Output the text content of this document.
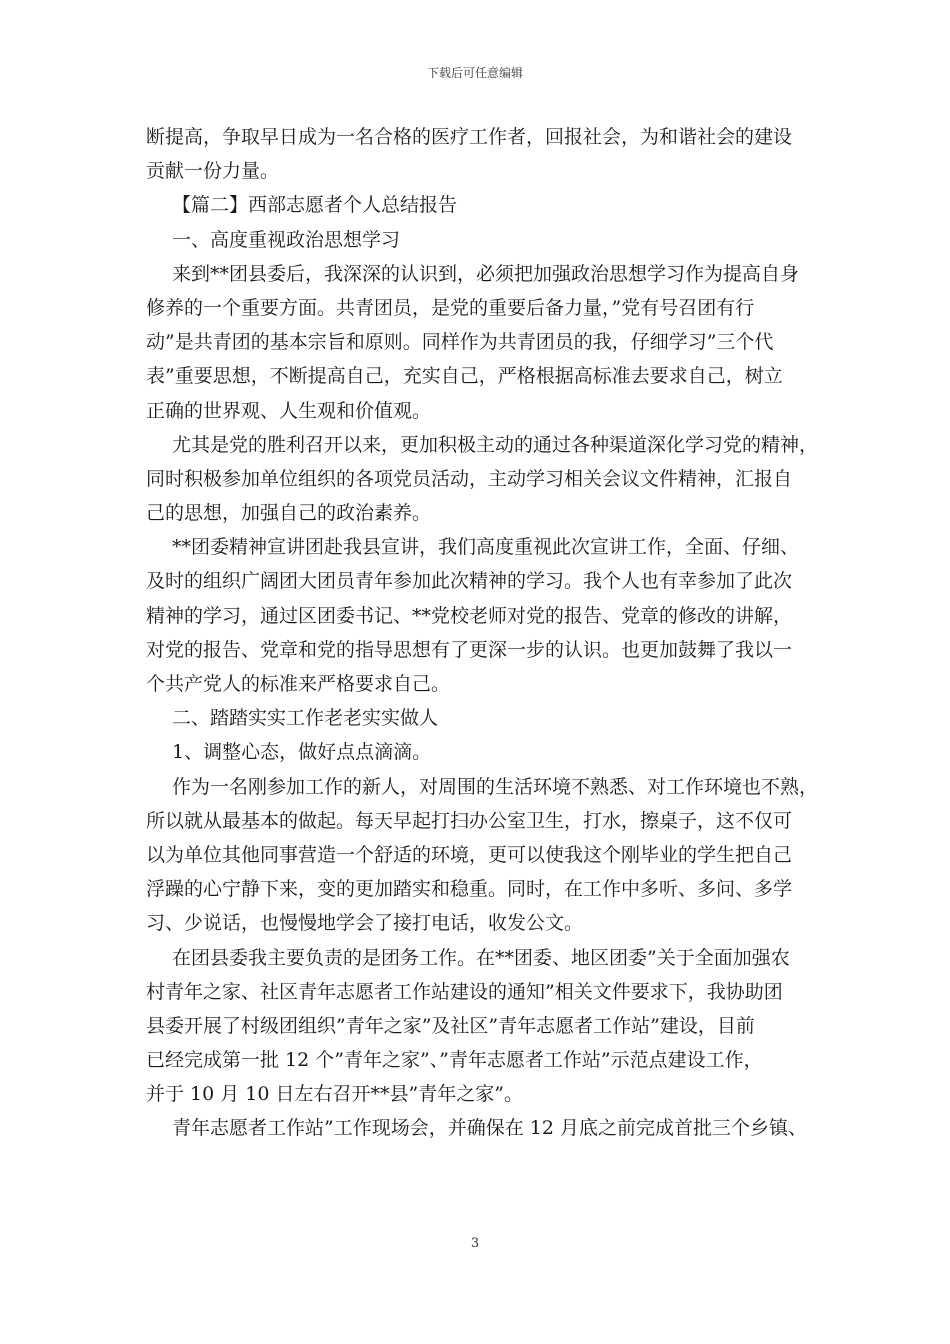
下载后可任意编辑
断提高，争取早日成为一名合格的医疗工作者，回报社会，为和谐社会的建设
贡献一份力量。
【篇二】西部志愿者个人总结报告
一、高度重视政治思想学习
来到**团县委后，我深深的认识到，必须把加强政治思想学习作为提高自身
修养的一个重要方面。共青团员，是党的重要后备力量，”党有号召团有行
动”是共青团的基本宗旨和原则。同样作为共青团员的我，仔细学习”三个代
表”重要思想，不断提高自己，充实自己，严格根据高标准去要求自己，树立
正确的世界观、人生观和价值观。
尤其是党的胜利召开以来，更加积极主动的通过各种渠道深化学习党的精神，
同时积极参加单位组织的各项党员活动，主动学习相关会议文件精神，汇报自
己的思想，加强自己的政治素养。
**团委精神宣讲团赴我县宣讲，我们高度重视此次宣讲工作，全面、仔细、
及时的组织广阔团大团员青年参加此次精神的学习。我个人也有幸参加了此次
精神的学习，通过区团委书记、**党校老师对党的报告、党章的修改的讲解，
对党的报告、党章和党的指导思想有了更深一步的认识。也更加鼓舞了我以一
个共产党人的标准来严格要求自己。
二、踏踏实实工作老老实实做人
1、调整心态，做好点点滴滴。
作为一名刚参加工作的新人，对周围的生活环境不熟悉、对工作环境也不熟，
所以就从最基本的做起。每天早起打扫办公室卫生，打水，擦桌子，这不仅可
以为单位其他同事营造一个舒适的环境，更可以使我这个刚毕业的学生把自己
浮躁的心宁静下来，变的更加踏实和稳重。同时，在工作中多听、多问、多学
习、少说话，也慢慢地学会了接打电话，收发公文。
在团县委我主要负责的是团务工作。在**团委、地区团委”关于全面加强农
村青年之家、社区青年志愿者工作站建设的通知”相关文件要求下，我协助团
县委开展了村级团组织”青年之家”及社区”青年志愿者工作站”建设，目前
已经完成第一批 12 个”青年之家”、”青年志愿者工作站”示范点建设工作，
并于 10 月 10 日左右召开**县”青年之家”。
青年志愿者工作站”工作现场会，并确保在 12 月底之前完成首批三个乡镇、
3
